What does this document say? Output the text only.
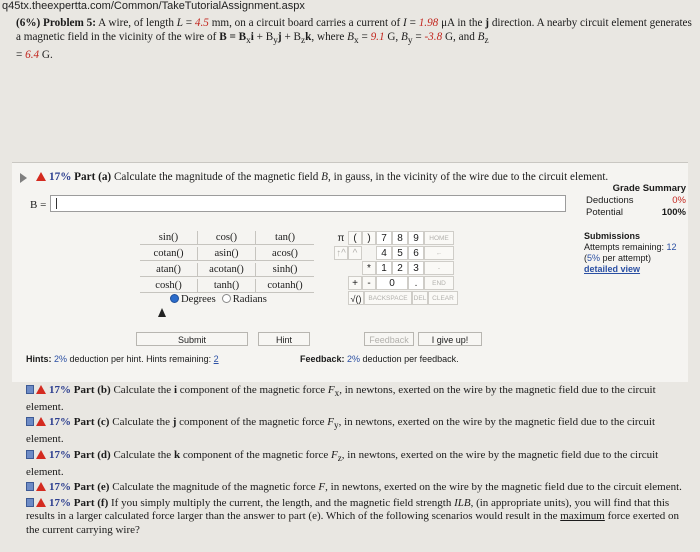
q45tx.theexpertta.com/Common/TakeTutorialAssignment.aspx
(6%) Problem 5: A wire, of length L = 4.5 mm, on a circuit board carries a current of I = 1.98 μA in the j direction. A nearby circuit element generates a magnetic field in the vicinity of the wire of $B = B_xi + B_yj + B_zk$, where $B_x = 9.1$ G, $B_y = -3.8$ G, and $B_z$
= 6.4 G.
17% Part (a) Calculate the magnitude of the magnetic field B, in gauss, in the vicinity of the wire due to the circuit element.
B =
Grade Summary
Deductions	0%
Potential	100%
Submissions
Attempts remaining: 12
(5% per attempt)
detailed view
sin()	cos()	tan()
cotan()	asin()	acos()
atan()	acotan()	sinh()
cosh()	tanh()	cotanh()
Degrees	Radians
π (	)	7	8	9	HOME
↑^ ^	4	5	6	←
*	1	2	3	-
+ -	0	.	END
√()	BACKSPACE DEL CLEAR
Submit	Hint	Feedback	I give up!
Hints: 2% deduction per hint. Hints remaining: 2	Feedback: 2% deduction per feedback.
17% Part (b) Calculate the i component of the magnetic force $F_x$, in newtons, exerted on the wire by the magnetic field due to the circuit element.
17% Part (c) Calculate the j component of the magnetic force $F_y$, in newtons, exerted on the wire by the magnetic field due to the circuit element.
17% Part (d) Calculate the k component of the magnetic force $F_z$, in newtons, exerted on the wire by the magnetic field due to the circuit element.
17% Part (e) Calculate the magnitude of the magnetic force F, in newtons, exerted on the wire by the magnetic field due to the circuit element.
17% Part (f) If you simply multiply the current, the length, and the magnetic field strength ILB, (in appropriate units), you will find that this results in a larger calculated force larger than the answer to part (e). Which of the following scenarios would result in the maximum force exerted on the current carrying wire?
